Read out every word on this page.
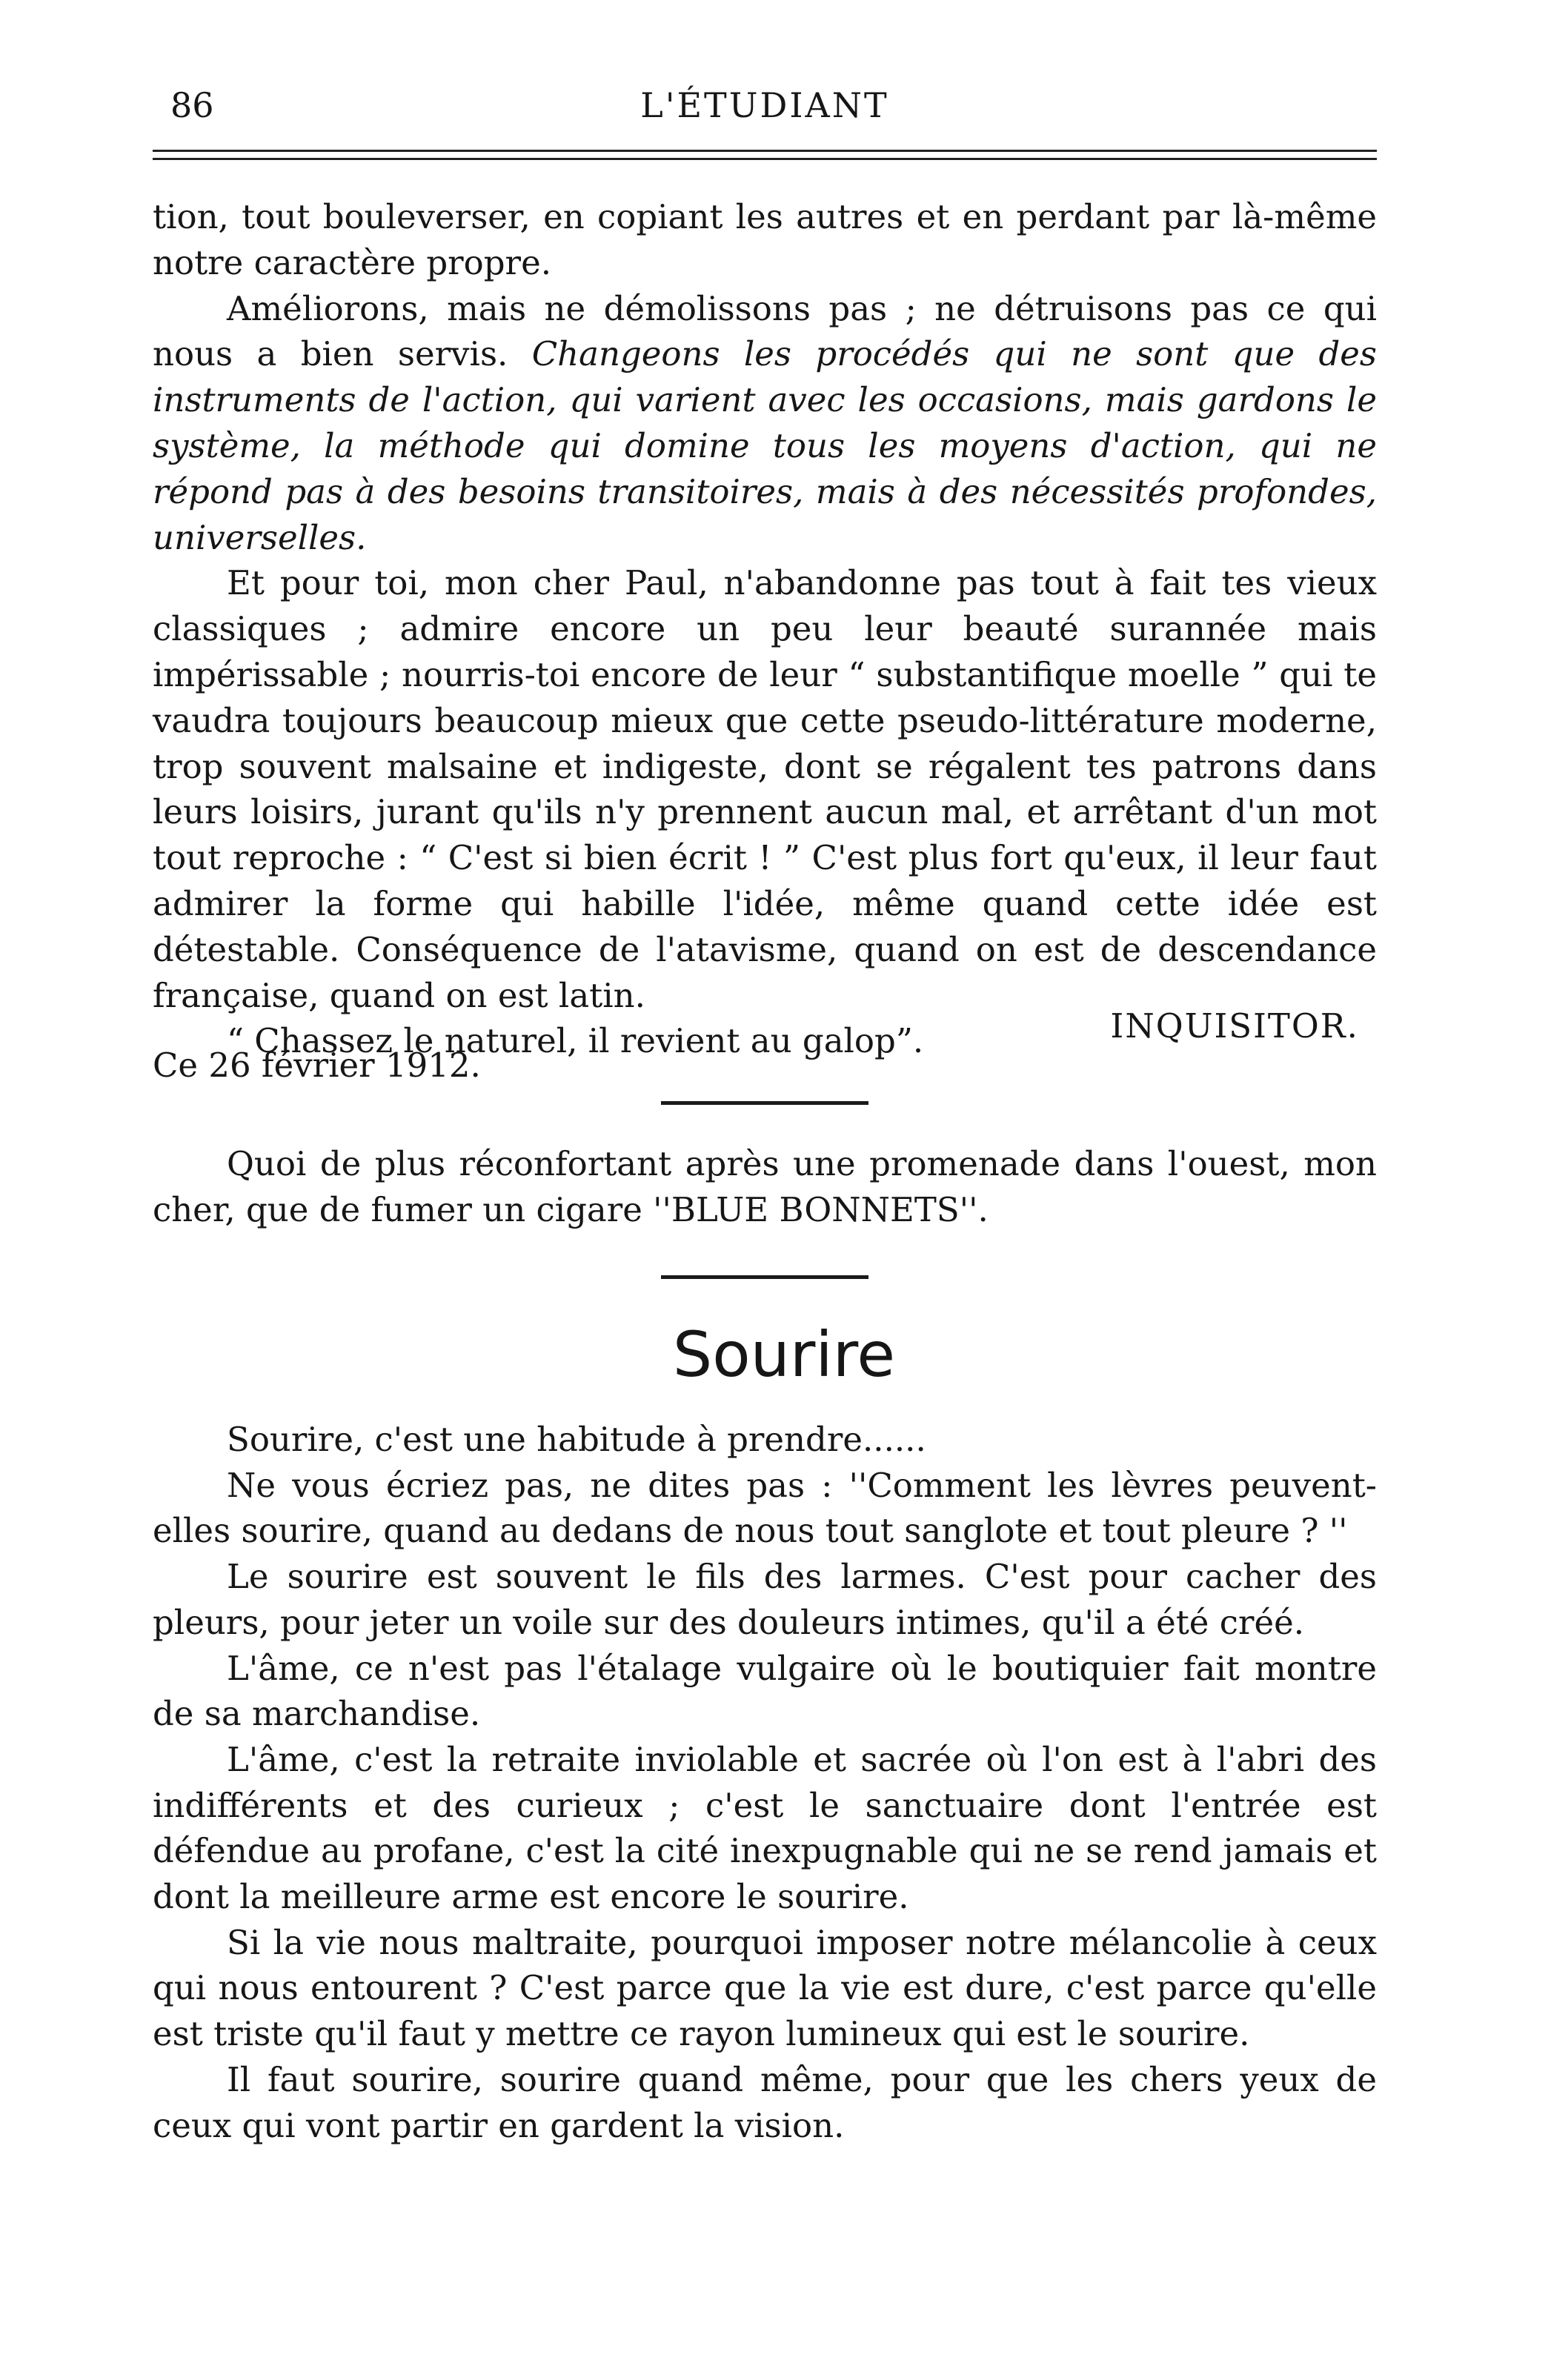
86	L'ÉTUDIANT

tion, tout bouleverser, en copiant les autres et en perdant par là-même notre caractère propre.

Améliorons, mais ne démolissons pas ; ne détruisons pas ce qui nous a bien servis. Changeons les procédés qui ne sont que des instruments de l'action, qui varient avec les occasions, mais gardons le système, la méthode qui domine tous les moyens d'action, qui ne répond pas à des besoins transitoires, mais à des nécessités profondes, universelles.

Et pour toi, mon cher Paul, n'abandonne pas tout à fait tes vieux classiques ; admire encore un peu leur beauté surannée mais impérissable ; nourris-toi encore de leur “ substantifique moelle ” qui te vaudra toujours beaucoup mieux que cette pseudo-littérature moderne, trop souvent malsaine et indigeste, dont se régalent tes patrons dans leurs loisirs, jurant qu'ils n'y prennent aucun mal, et arrêtant d'un mot tout reproche : “ C'est si bien écrit ! ” C'est plus fort qu'eux, il leur faut admirer la forme qui habille l'idée, même quand cette idée est détestable. Conséquence de l'atavisme, quand on est de descendance française, quand on est latin.

“ Chassez le naturel, il revient au galop”.	INQUISITOR.
Ce 26 février 1912.

Quoi de plus réconfortant après une promenade dans l'ouest, mon cher, que de fumer un cigare ''BLUE BONNETS''.

Sourire

Sourire, c'est une habitude à prendre......

Ne vous écriez pas, ne dites pas : ''Comment les lèvres peuvent-elles sourire, quand au dedans de nous tout sanglote et tout pleure ? ''

Le sourire est souvent le fils des larmes. C'est pour cacher des pleurs, pour jeter un voile sur des douleurs intimes, qu'il a été créé.

L'âme, ce n'est pas l'étalage vulgaire où le boutiquier fait montre de sa marchandise.

L'âme, c'est la retraite inviolable et sacrée où l'on est à l'abri des indifférents et des curieux ; c'est le sanctuaire dont l'entrée est défendue au profane, c'est la cité inexpugnable qui ne se rend jamais et dont la meilleure arme est encore le sourire.

Si la vie nous maltraite, pourquoi imposer notre mélancolie à ceux qui nous entourent ? C'est parce que la vie est dure, c'est parce qu'elle est triste qu'il faut y mettre ce rayon lumineux qui est le sourire.

Il faut sourire, sourire quand même, pour que les chers yeux de ceux qui vont partir en gardent la vision.
